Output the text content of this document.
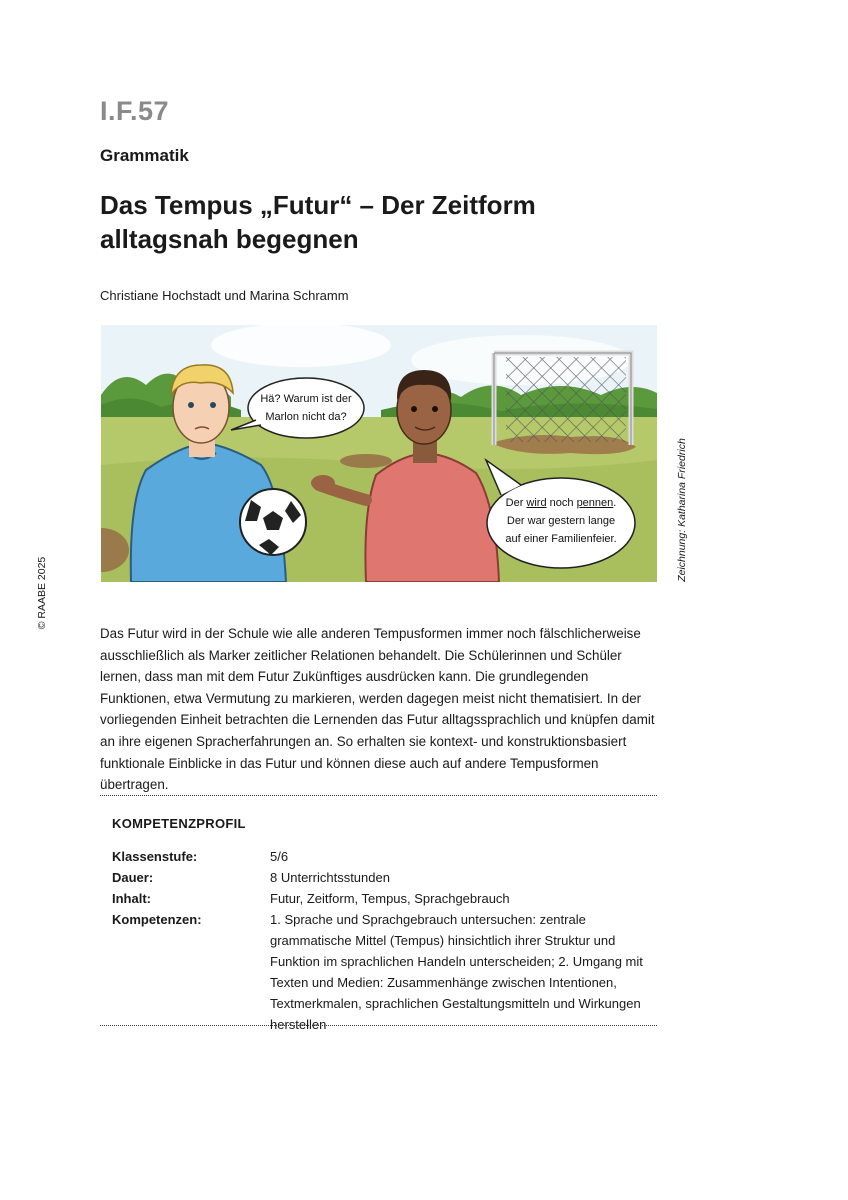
I.F.57
Grammatik
Das Tempus „Futur“ – Der Zeitform alltagsnah begegnen
Christiane Hochstadt und Marina Schramm
Hä? Warum ist der Marlon nicht da?
Der wird noch pennen.
Der war gestern lange
auf einer Familienfeier.	Zeichnung: Katharina Friedrich
© RAABE 2025
Das Futur wird in der Schule wie alle anderen Tempusformen immer noch fälschlicherweise ausschließlich als Marker zeitlicher Relationen behandelt. Die Schülerinnen und Schüler lernen, dass man mit dem Futur Zukünftiges ausdrücken kann. Die grundlegenden Funktionen, etwa Vermutung zu markieren, werden dagegen meist nicht thematisiert. In der vorliegenden Einheit betrachten die Lernenden das Futur alltagssprachlich und knüpfen damit an ihre eigenen Spracherfahrungen an. So erhalten sie kontext- und konstruktionsbasiert funktionale Einblicke in das Futur und können diese auch auf andere Tempusformen übertragen.
KOMPETENZPROFIL
Klassenstufe:	5/6
Dauer:	8 Unterrichtsstunden
Inhalt:	Futur, Zeitform, Tempus, Sprachgebrauch
Kompetenzen:	1. Sprache und Sprachgebrauch untersuchen: zentrale grammatische Mittel (Tempus) hinsichtlich ihrer Struktur und Funktion im sprachlichen Handeln unterscheiden; 2. Umgang mit Texten und Medien: Zusammenhänge zwischen Intentionen, Textmerkmalen, sprachlichen Gestaltungsmitteln und Wirkungen herstellen
